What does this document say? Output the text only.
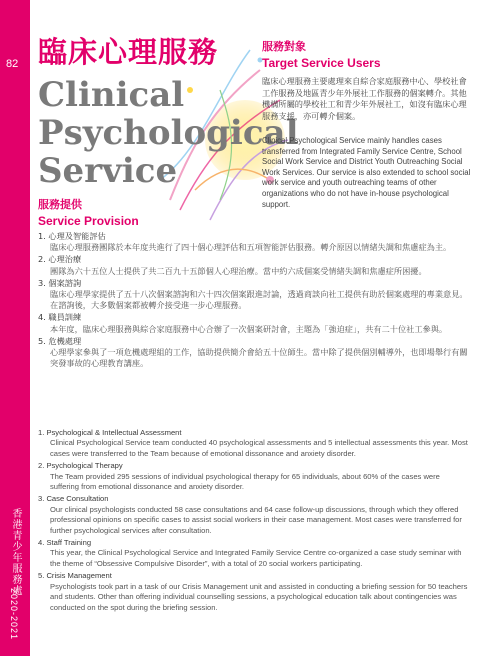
82
香港青少年服務處
2020-2021
臨床心理服務
Clinical
Psychological
Service
服務對象
Target Service Users
臨床心理服務主要處理來自綜合家庭服務中心、學校社會工作服務及地區青少年外展社工作服務的個案轉介。其他機構所屬的學校社工和青少年外展社工，如沒有臨床心理服務支援，亦可轉介個案。
Clinical Psychological Service mainly handles cases transferred from Integrated Family Service Centre, School Social Work Service and District Youth Outreaching Social Work Services. Our service is also extended to school social work service and youth outreaching teams of other organizations who do not have in-house psychological support.
服務提供
Service Provision
1. 心理及智能評估
臨床心理服務團隊於本年度共進行了四十個心理評估和五項智能評估服務。轉介原因以情緒失調和焦慮症為主。
2. 心理治療
團隊為六十五位人士提供了共二百九十五節個人心理治療。當中約六成個案受情緒失調和焦慮症所困擾。
3. 個案諮詢
臨床心理學家提供了五十八次個案諮詢和六十四次個案跟進討論，透過商談向社工提供有助於個案處理的專業意見。在諮詢後，大多數個案都被轉介接受進一步心理服務。
4. 職員訓練
本年度，臨床心理服務與綜合家庭服務中心合辦了一次個案研討會，主題為「強迫症」，共有二十位社工參與。
5. 危機處理
心理學家參與了一項危機處理組的工作，協助提供簡介會給五十位師生。當中除了提供個別輔導外，也即場舉行有關突發事故的心理教育講座。
1. Psychological & Intellectual Assessment
Clinical Psychological Service team conducted 40 psychological assessments and 5 intellectual assessments this year. Most cases were transferred to the Team because of emotional dissonance and anxiety disorder.
2. Psychological Therapy
The Team provided 295 sessions of individual psychological therapy for 65 individuals, about 60% of the cases were suffering from emotional dissonance and anxiety disorder.
3. Case Consultation
Our clinical psychologists conducted 58 case consultations and 64 case follow-up discussions, through which they offered professional opinions on specific cases to assist social workers in their case management. Most cases were transferred for further psychological services after consultation.
4. Staff Training
This year, the Clinical Psychological Service and Integrated Family Service Centre co-organized a case study seminar with the theme of “Obsessive Compulsive Disorder”, with a total of 20 social workers participating.
5. Crisis Management
Psychologists took part in a task of our Crisis Management unit and assisted in conducting a briefing session for 50 teachers and students. Other than offering individual counselling sessions, a psychological education talk about contingencies was conducted on the spot during the briefing session.
